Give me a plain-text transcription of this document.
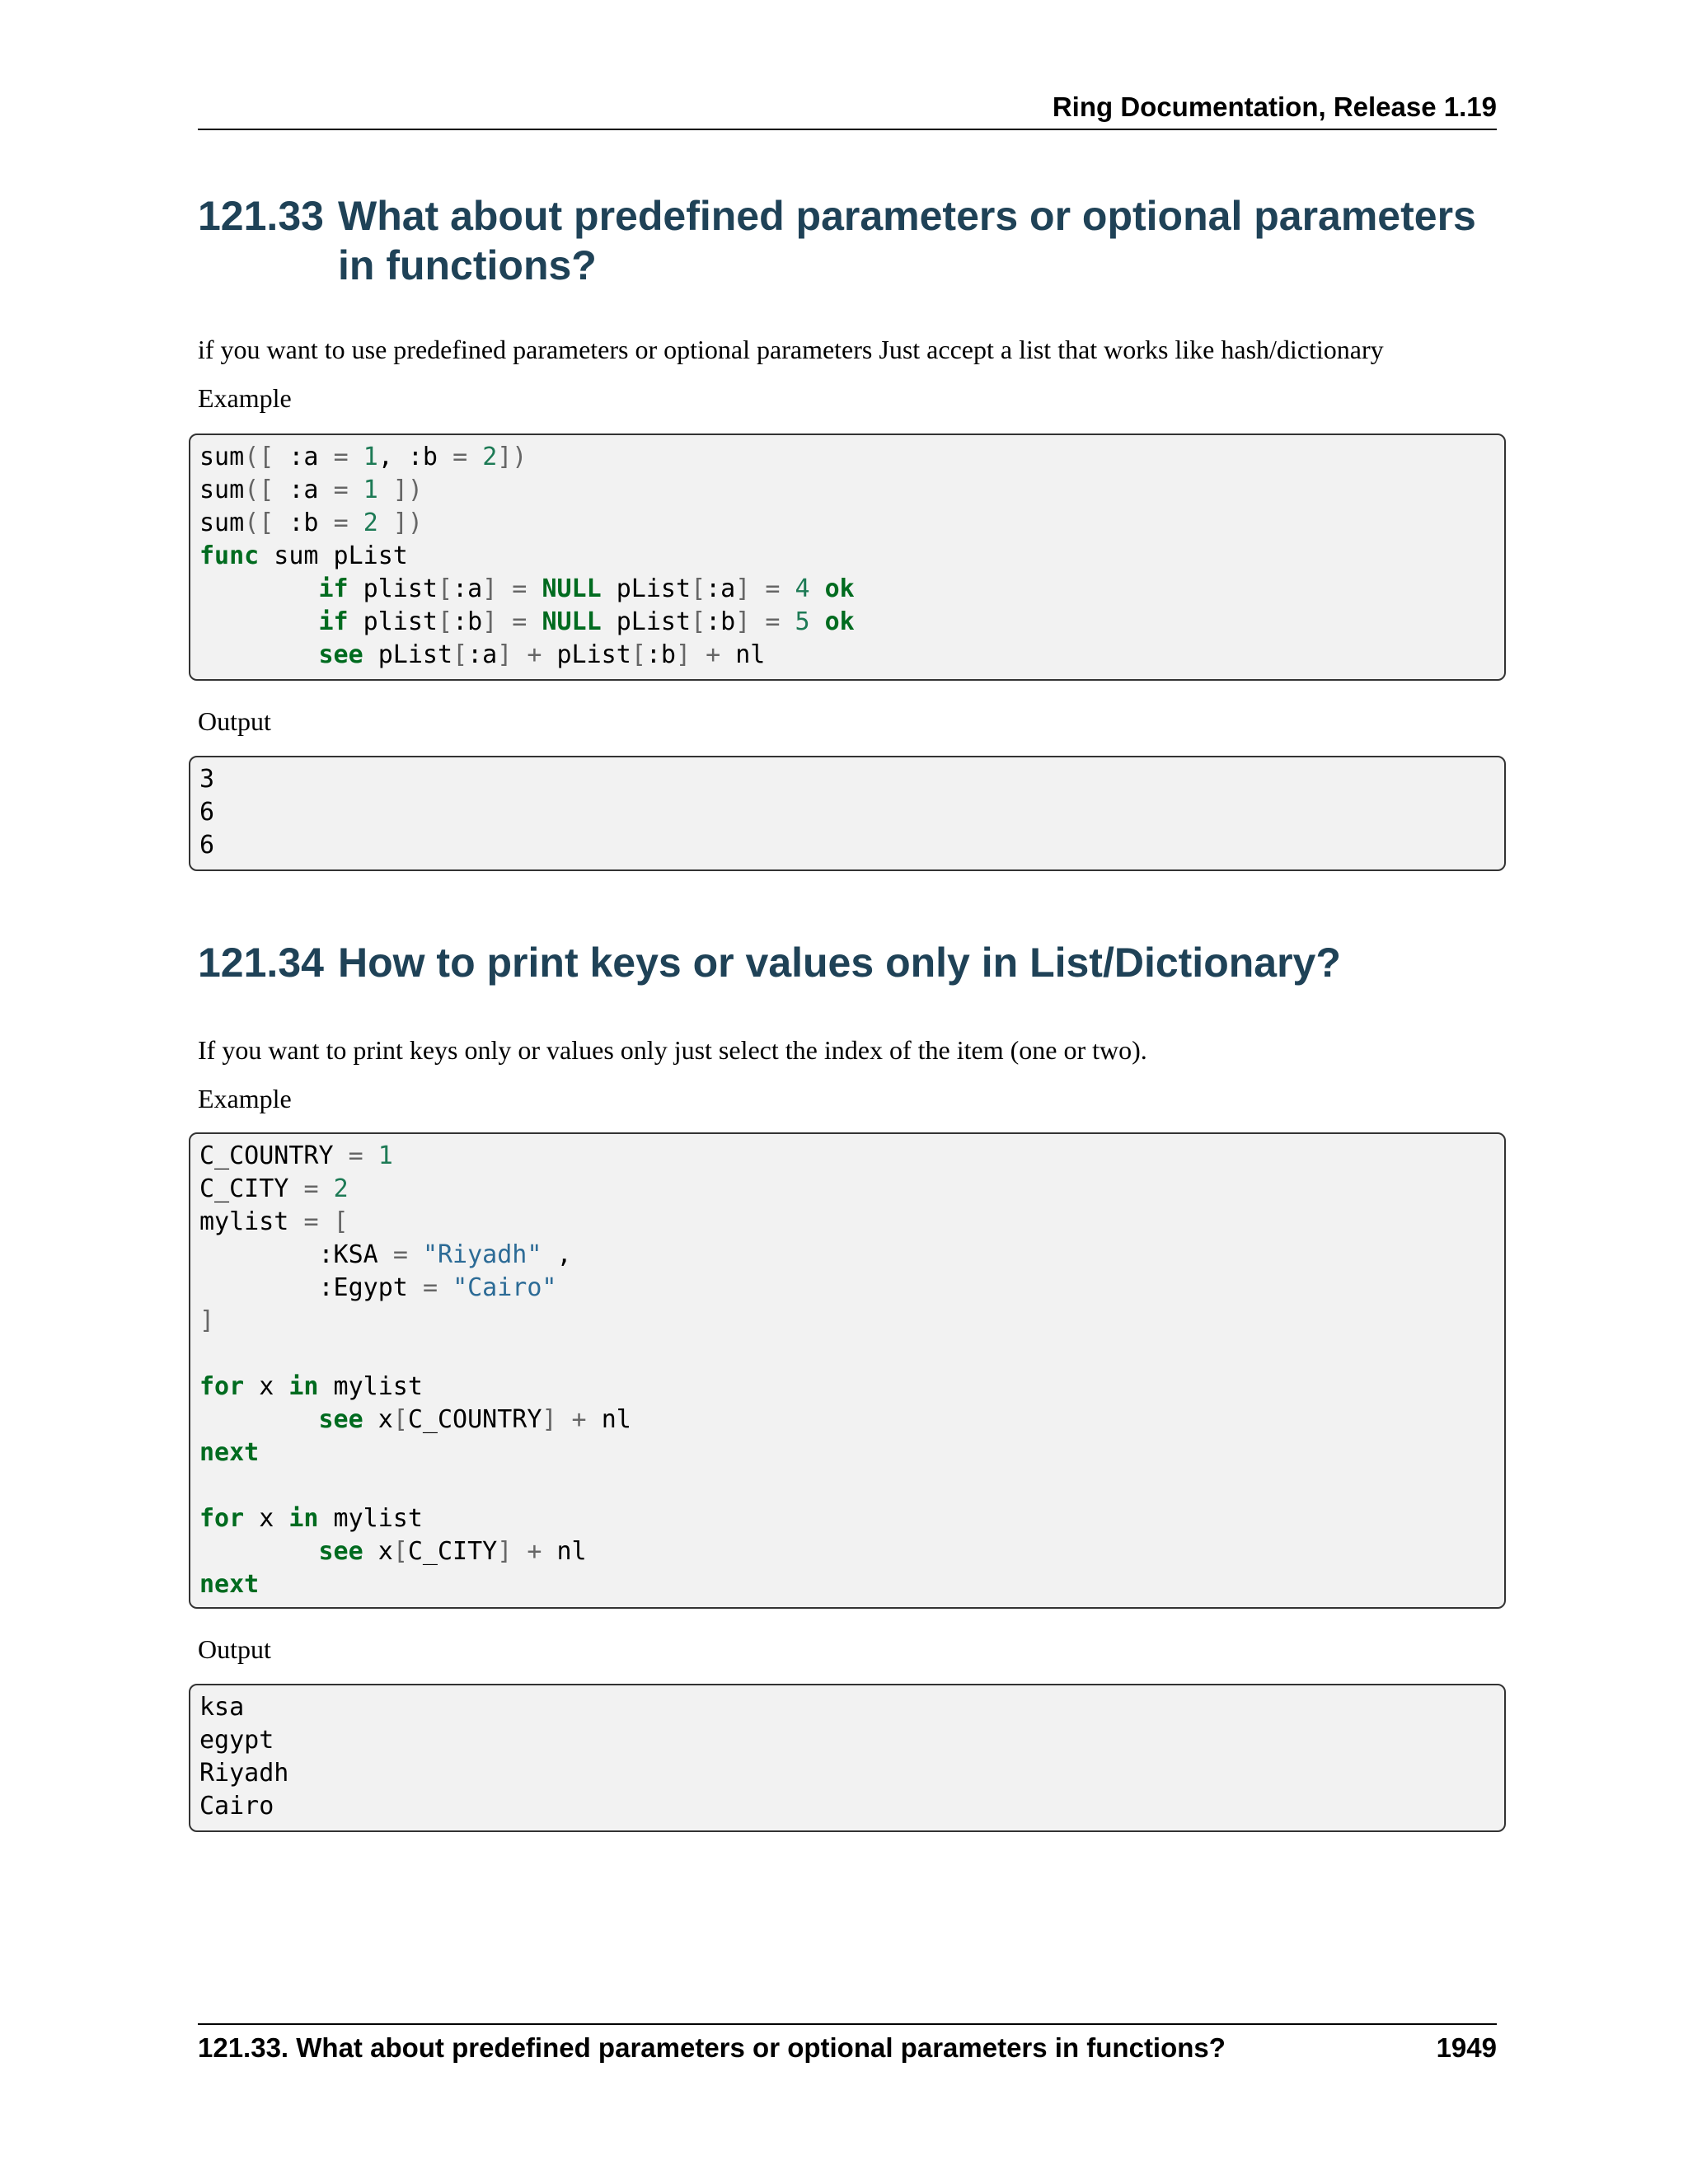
Ring Documentation, Release 1.19
121.33 What about predefined parameters or optional parameters in functions?

if you want to use predefined parameters or optional parameters Just accept a list that works like hash/dictionary

Example

sum([ :a = 1, :b = 2])
sum([ :a = 1 ])
sum([ :b = 2 ])
func sum pList
if plist[:a] = NULL pList[:a] = 4 ok
if plist[:b] = NULL pList[:b] = 5 ok
see pList[:a] + pList[:b] + nl

Output

3
6
6
121.34 How to print keys or values only in List/Dictionary?

If you want to print keys only or values only just select the index of the item (one or two).

Example

C_COUNTRY = 1
C_CITY = 2
mylist = [
:KSA = "Riyadh" ,
:Egypt = "Cairo"
]
for x in mylist
see x[C_COUNTRY] + nl
next
for x in mylist
see x[C_CITY] + nl
next

Output

ksa
egypt
Riyadh
Cairo
121.33. What about predefined parameters or optional parameters in functions?	1949
